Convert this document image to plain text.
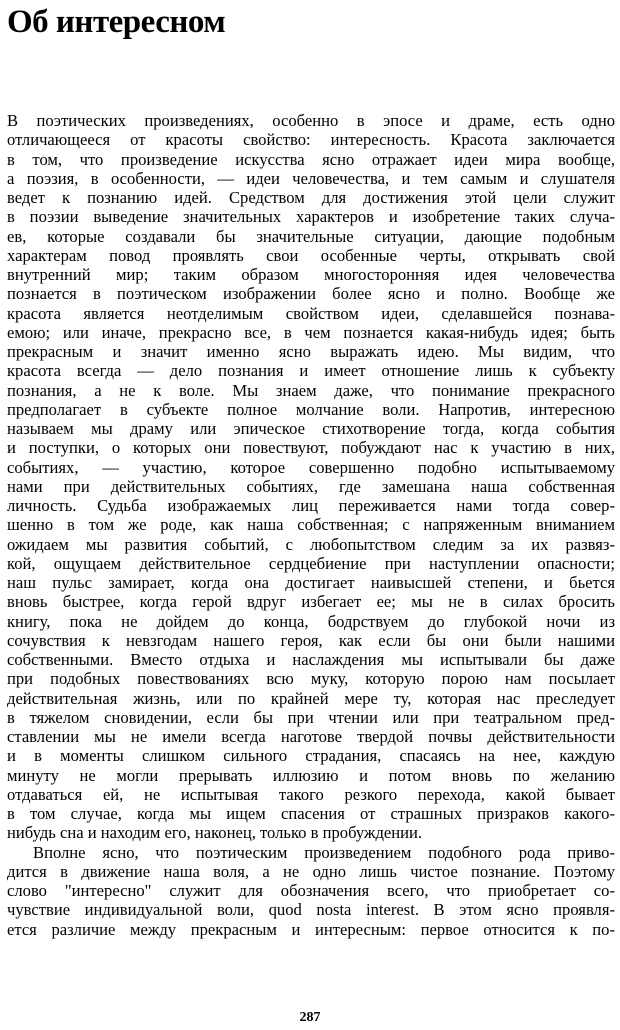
Об интересном
В поэтических произведениях, особенно в эпосе и драме, есть одно
отличающееся от красоты свойство: интересность. Красота заключается
в том, что произведение искусства ясно отражает идеи мира вообще,
а поэзия, в особенности, — идеи человечества, и тем самым и слушателя
ведет к познанию идей. Средством для достижения этой цели служит
в поэзии выведение значительных характеров и изобретение таких случа-
ев, которые создавали бы значительные ситуации, дающие подобным
характерам повод проявлять свои особенные черты, открывать свой
внутренний мир; таким образом многосторонняя идея человечества
познается в поэтическом изображении более ясно и полно. Вообще же
красота является неотделимым свойством идеи, сделавшейся познава-
емою; или иначе, прекрасно все, в чем познается какая-нибудь идея; быть
прекрасным и значит именно ясно выражать идею. Мы видим, что
красота всегда — дело познания и имеет отношение лишь к субъекту
познания, а не к воле. Мы знаем даже, что понимание прекрасного
предполагает в субъекте полное молчание воли. Напротив, интересною
называем мы драму или эпическое стихотворение тогда, когда события
и поступки, о которых они повествуют, побуждают нас к участию в них,
событиях, — участию, которое совершенно подобно испытываемому
нами при действительных событиях, где замешана наша собственная
личность. Судьба изображаемых лиц переживается нами тогда совер-
шенно в том же роде, как наша собственная; с напряженным вниманием
ожидаем мы развития событий, с любопытством следим за их развяз-
кой, ощущаем действительное сердцебиение при наступлении опасности;
наш пульс замирает, когда она достигает наивысшей степени, и бьется
вновь быстрее, когда герой вдруг избегает ее; мы не в силах бросить
книгу, пока не дойдем до конца, бодрствуем до глубокой ночи из
сочувствия к невзгодам нашего героя, как если бы они были нашими
собственными. Вместо отдыха и наслаждения мы испытывали бы даже
при подобных повествованиях всю муку, которую порою нам посылает
действительная жизнь, или по крайней мере ту, которая нас преследует
в тяжелом сновидении, если бы при чтении или при театральном пред-
ставлении мы не имели всегда наготове твердой почвы действительности
и в моменты слишком сильного страдания, спасаясь на нее, каждую
минуту не могли прерывать иллюзию и потом вновь по желанию
отдаваться ей, не испытывая такого резкого перехода, какой бывает
в том случае, когда мы ищем спасения от страшных призраков какого-
нибудь сна и находим его, наконец, только в пробуждении.
Вполне ясно, что поэтическим произведением подобного рода приво-
дится в движение наша воля, а не одно лишь чистое познание. Поэтому
слово "интересно" служит для обозначения всего, что приобретает со-
чувствие индивидуальной воли, quod nosta interest. В этом ясно проявля-
ется различие между прекрасным и интересным: первое относится к по-
287
